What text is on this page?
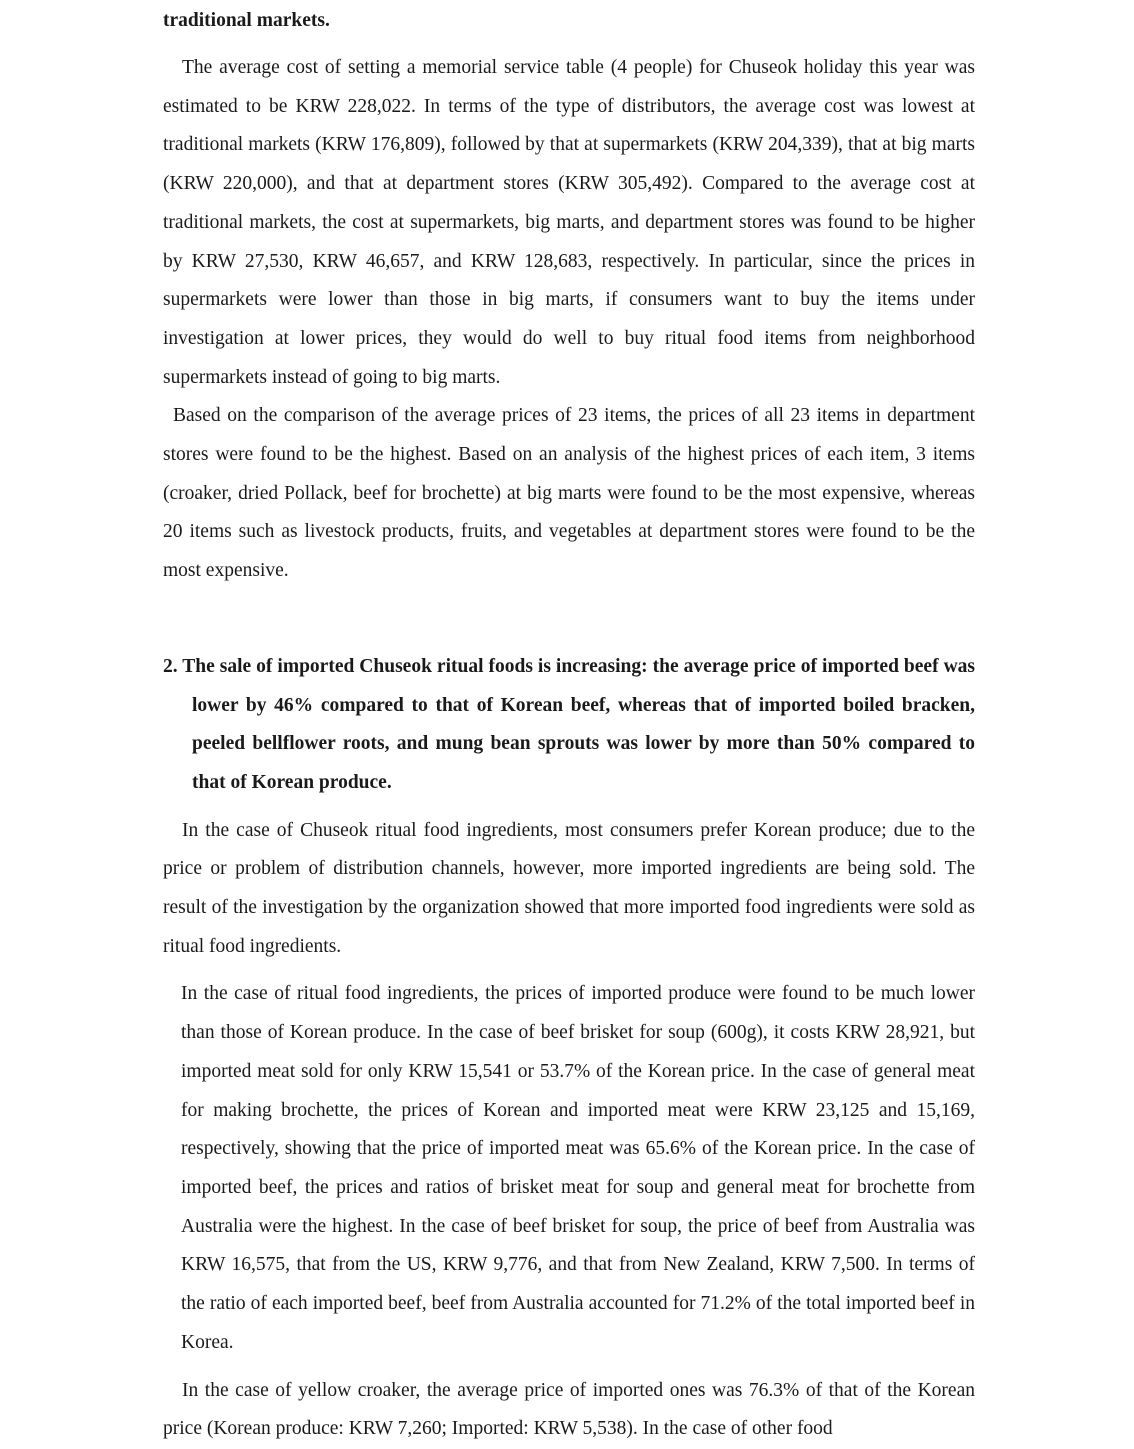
traditional markets.

The average cost of setting a memorial service table (4 people) for Chuseok holiday this year was estimated to be KRW 228,022. In terms of the type of distributors, the average cost was lowest at traditional markets (KRW 176,809), followed by that at supermarkets (KRW 204,339), that at big marts (KRW 220,000), and that at department stores (KRW 305,492). Compared to the average cost at traditional markets, the cost at supermarkets, big marts, and department stores was found to be higher by KRW 27,530, KRW 46,657, and KRW 128,683, respectively. In particular, since the prices in supermarkets were lower than those in big marts, if consumers want to buy the items under investigation at lower prices, they would do well to buy ritual food items from neighborhood supermarkets instead of going to big marts.

Based on the comparison of the average prices of 23 items, the prices of all 23 items in department stores were found to be the highest. Based on an analysis of the highest prices of each item, 3 items (croaker, dried Pollack, beef for brochette) at big marts were found to be the most expensive, whereas 20 items such as livestock products, fruits, and vegetables at department stores were found to be the most expensive.

2. The sale of imported Chuseok ritual foods is increasing: the average price of imported beef was lower by 46% compared to that of Korean beef, whereas that of imported boiled bracken, peeled bellflower roots, and mung bean sprouts was lower by more than 50% compared to that of Korean produce.

In the case of Chuseok ritual food ingredients, most consumers prefer Korean produce; due to the price or problem of distribution channels, however, more imported ingredients are being sold. The result of the investigation by the organization showed that more imported food ingredients were sold as ritual food ingredients.

In the case of ritual food ingredients, the prices of imported produce were found to be much lower than those of Korean produce. In the case of beef brisket for soup (600g), it costs KRW 28,921, but imported meat sold for only KRW 15,541 or 53.7% of the Korean price. In the case of general meat for making brochette, the prices of Korean and imported meat were KRW 23,125 and 15,169, respectively, showing that the price of imported meat was 65.6% of the Korean price. In the case of imported beef, the prices and ratios of brisket meat for soup and general meat for brochette from Australia were the highest. In the case of beef brisket for soup, the price of beef from Australia was KRW 16,575, that from the US, KRW 9,776, and that from New Zealand, KRW 7,500. In terms of the ratio of each imported beef, beef from Australia accounted for 71.2% of the total imported beef in Korea.

In the case of yellow croaker, the average price of imported ones was 76.3% of that of the Korean price (Korean produce: KRW 7,260; Imported: KRW 5,538). In the case of other food
